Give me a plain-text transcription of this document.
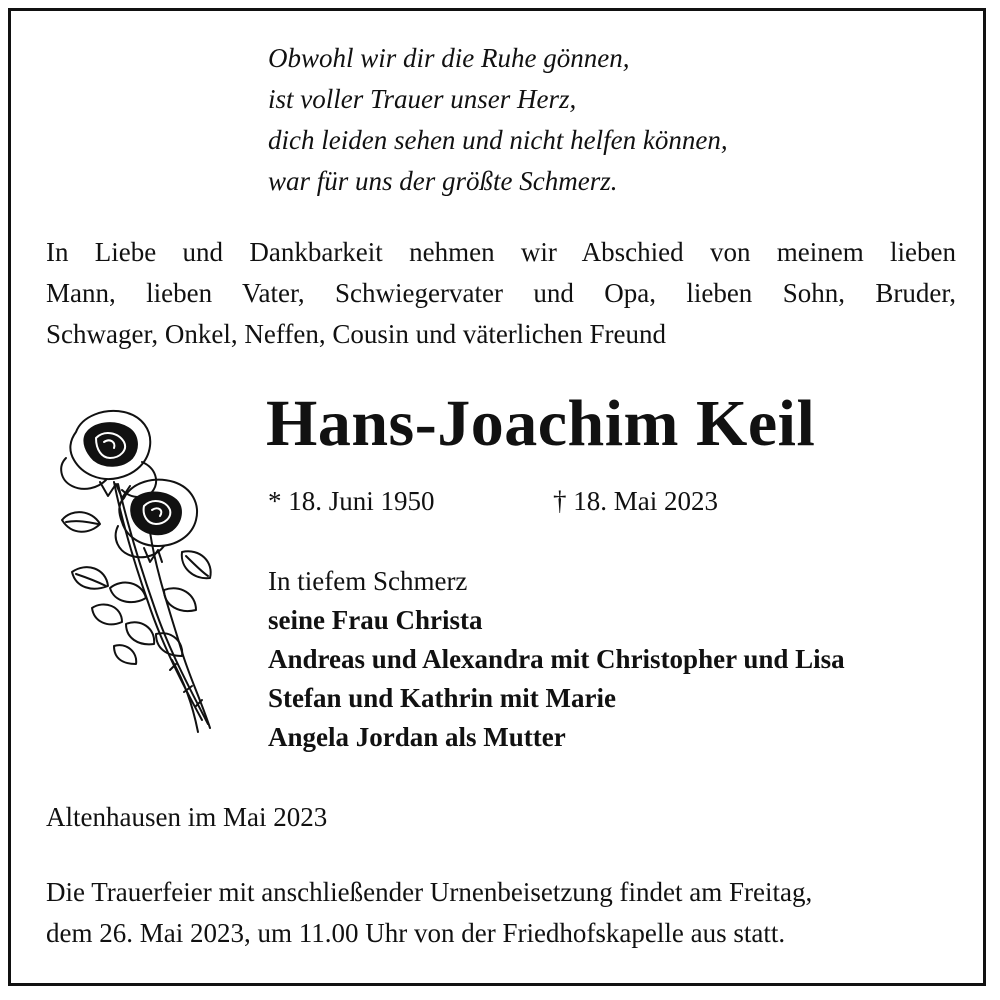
Obwohl wir dir die Ruhe gönnen,
ist voller Trauer unser Herz,
dich leiden sehen und nicht helfen können,
war für uns der größte Schmerz.
In Liebe und Dankbarkeit nehmen wir Abschied von meinem lieben
Mann, lieben Vater, Schwiegervater und Opa, lieben Sohn, Bruder,
Schwager, Onkel, Neffen, Cousin und väterlichen Freund
Hans-Joachim Keil
* 18. Juni 1950	† 18. Mai 2023
In tiefem Schmerz
seine Frau Christa
Andreas und Alexandra mit Christopher und Lisa
Stefan und Kathrin mit Marie
Angela Jordan als Mutter
Altenhausen im Mai 2023
Die Trauerfeier mit anschließender Urnenbeisetzung findet am Freitag,
dem 26. Mai 2023, um 11.00 Uhr von der Friedhofskapelle aus statt.
